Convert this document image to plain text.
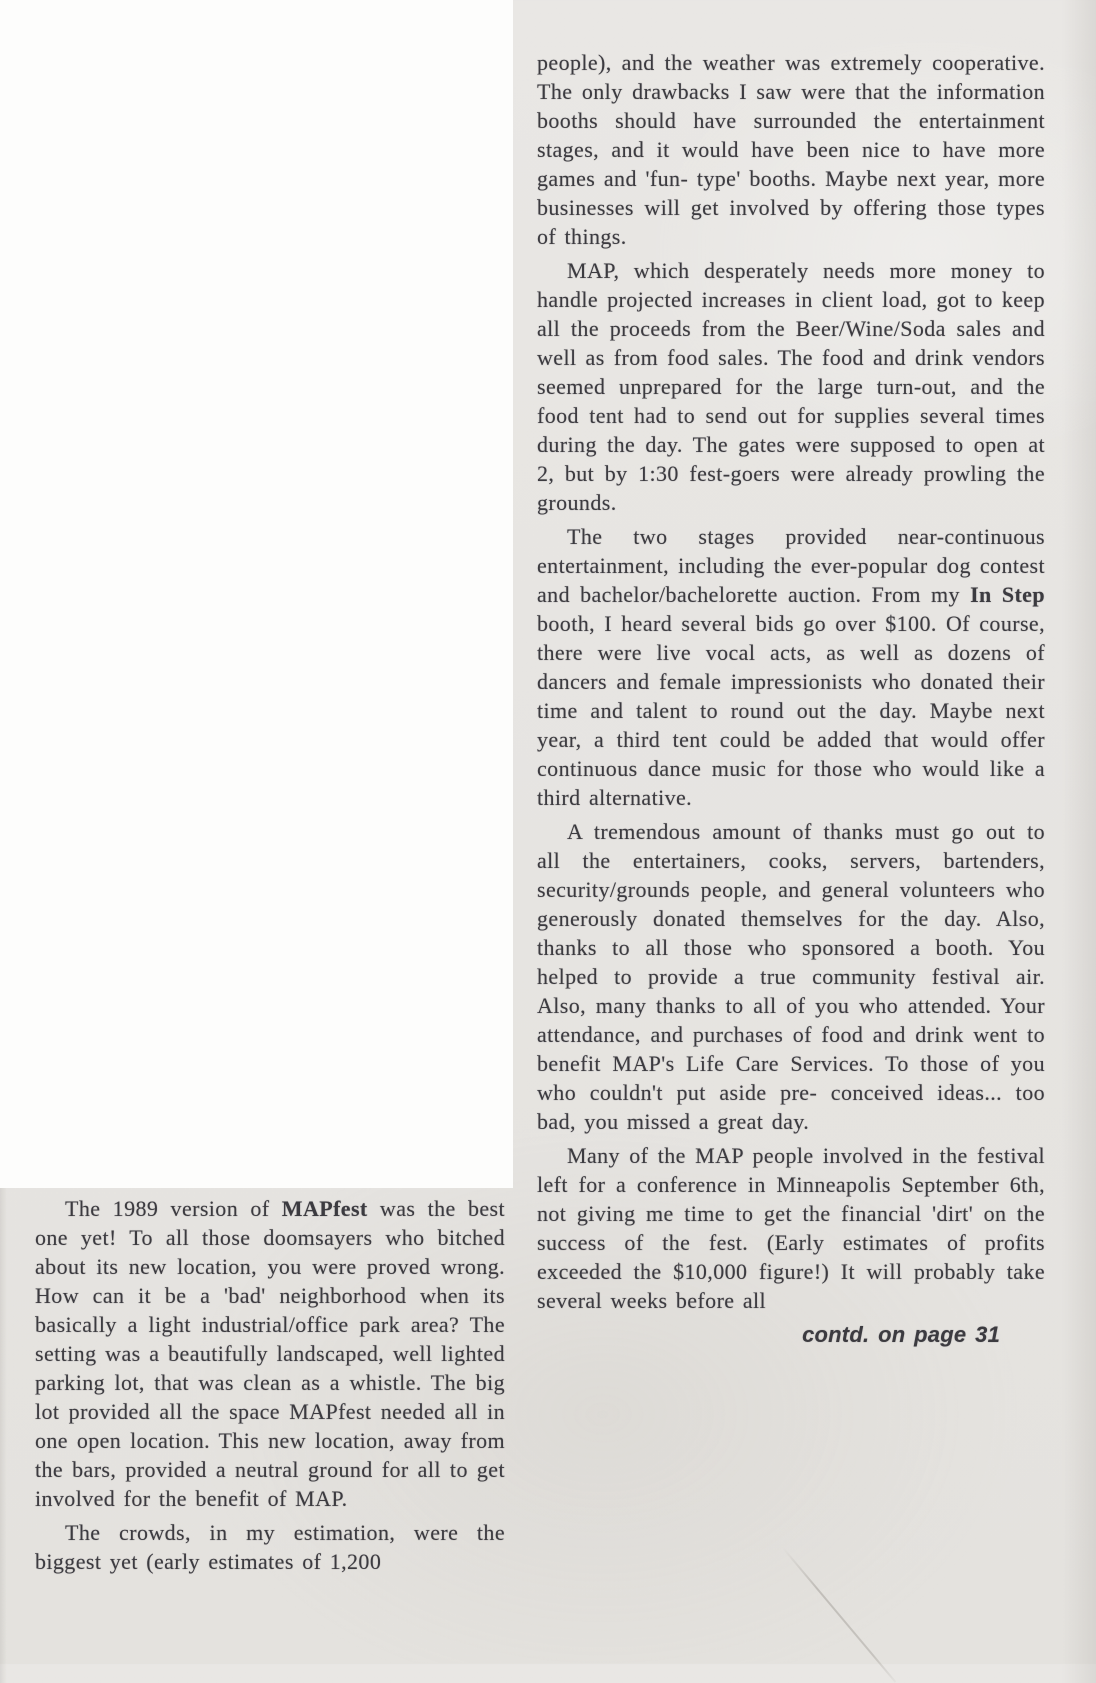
The 1989 version of MAPfest was the best one yet! To all those doomsayers who bitched about its new location, you were proved wrong. How can it be a 'bad' neighborhood when its basically a light industrial/office park area? The setting was a beautifully landscaped, well lighted parking lot, that was clean as a whistle. The big lot provided all the space MAPfest needed all in one open location. This new location, away from the bars, provided a neutral ground for all to get involved for the benefit of MAP.

The crowds, in my estimation, were the biggest yet (early estimates of 1,200

people), and the weather was extremely cooperative. The only drawbacks I saw were that the information booths should have surrounded the entertainment stages, and it would have been nice to have more games and 'fun- type' booths. Maybe next year, more businesses will get involved by offering those types of things.

MAP, which desperately needs more money to handle projected increases in client load, got to keep all the proceeds from the Beer/Wine/Soda sales and well as from food sales. The food and drink vendors seemed unprepared for the large turn-out, and the food tent had to send out for supplies several times during the day. The gates were supposed to open at 2, but by 1:30 fest-goers were already prowling the grounds.

The two stages provided near-continuous entertainment, including the ever-popular dog contest and bachelor/bachelorette auction. From my In Step booth, I heard several bids go over $100. Of course, there were live vocal acts, as well as dozens of dancers and female impressionists who donated their time and talent to round out the day. Maybe next year, a third tent could be added that would offer continuous dance music for those who would like a third alternative.

A tremendous amount of thanks must go out to all the entertainers, cooks, servers, bartenders, security/grounds people, and general volunteers who generously donated themselves for the day. Also, thanks to all those who sponsored a booth. You helped to provide a true community festival air. Also, many thanks to all of you who attended. Your attendance, and purchases of food and drink went to benefit MAP's Life Care Services. To those of you who couldn't put aside pre- conceived ideas... too bad, you missed a great day.

Many of the MAP people involved in the festival left for a conference in Minneapolis September 6th, not giving me time to get the financial 'dirt' on the success of the fest. (Early estimates of profits exceeded the $10,000 figure!) It will probably take several weeks before all

contd. on page 31
